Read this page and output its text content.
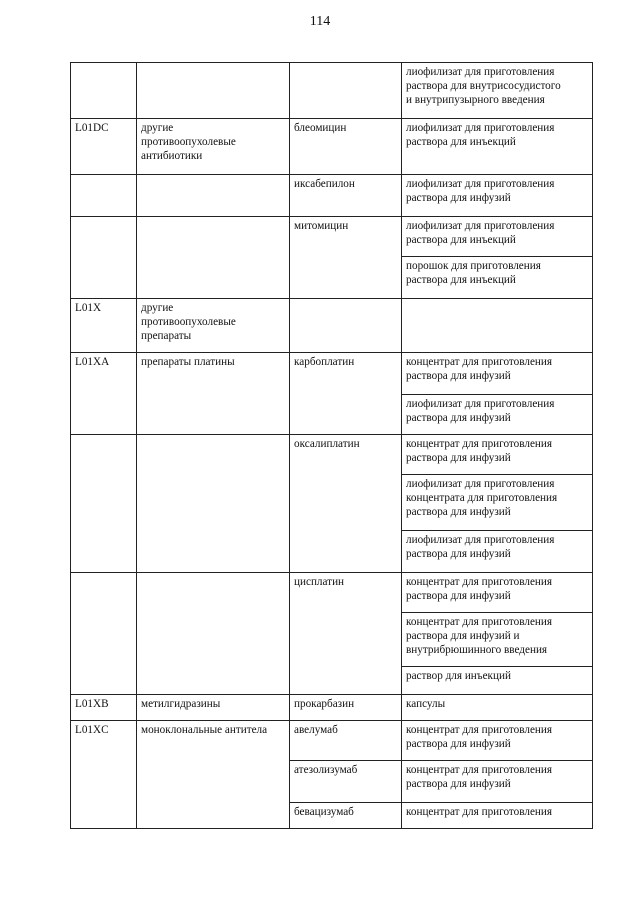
114

			лиофилизат для приготовления
раствора для внутрисосудистого
и внутрипузырного введения

L01DC	другие
противоопухолевые
антибиотики	блеомицин	лиофилизат для приготовления
раствора для инъекций

		иксабепилон	лиофилизат для приготовления
раствора для инфузий

		митомицин	лиофилизат для приготовления
раствора для инъекций

			порошок для приготовления
раствора для инъекций

L01X	другие
противоопухолевые
препараты		

L01XA	препараты платины	карбоплатин	концентрат для приготовления
раствора для инфузий

			лиофилизат для приготовления
раствора для инфузий

		оксалиплатин	концентрат для приготовления
раствора для инфузий

			лиофилизат для приготовления
концентрата для приготовления
раствора для инфузий

			лиофилизат для приготовления
раствора для инфузий

		цисплатин	концентрат для приготовления
раствора для инфузий

			концентрат для приготовления
раствора для инфузий и
внутрибрюшинного введения

			раствор для инъекций

L01XB	метилгидразины	прокарбазин	капсулы

L01XC	моноклональные антитела	авелумаб	концентрат для приготовления
раствора для инфузий

		атезолизумаб	концентрат для приготовления
раствора для инфузий

		бевацизумаб	концентрат для приготовления
